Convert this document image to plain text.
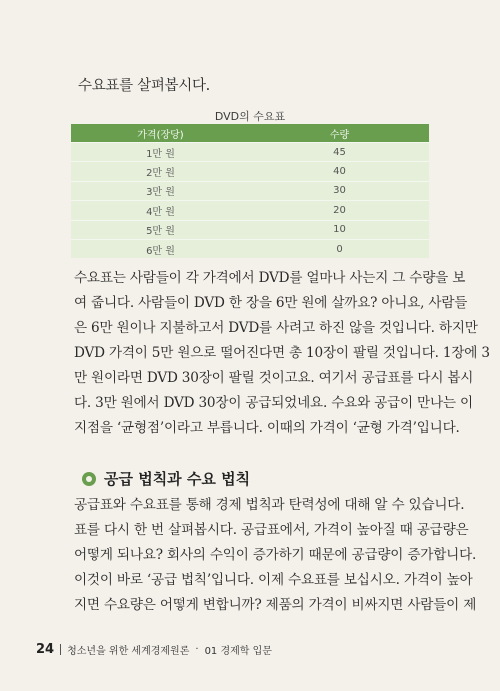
수요표를 살펴봅시다.
DVD의 수요표
가격(장당)	수량
1만 원	45
2만 원	40
3만 원	30
4만 원	20
5만 원	10
6만 원	0
수요표는 사람들이 각 가격에서 DVD를 얼마나 사는지 그 수량을 보
여 줍니다. 사람들이 DVD 한 장을 6만 원에 살까요? 아니요, 사람들
은 6만 원이나 지불하고서 DVD를 사려고 하진 않을 것입니다. 하지만
DVD 가격이 5만 원으로 떨어진다면 총 10장이 팔릴 것입니다. 1장에 3
만 원이라면 DVD 30장이 팔릴 것이고요. 여기서 공급표를 다시 봅시
다. 3만 원에서 DVD 30장이 공급되었네요. 수요와 공급이 만나는 이
지점을 ‘균형점’이라고 부릅니다. 이때의 가격이 ‘균형 가격’입니다.
공급 법칙과 수요 법칙
공급표와 수요표를 통해 경제 법칙과 탄력성에 대해 알 수 있습니다.
표를 다시 한 번 살펴봅시다. 공급표에서, 가격이 높아질 때 공급량은
어떻게 되나요? 회사의 수익이 증가하기 때문에 공급량이 증가합니다.
이것이 바로 ‘공급 법칙’입니다. 이제 수요표를 보십시오. 가격이 높아
지면 수요량은 어떻게 변합니까? 제품의 가격이 비싸지면 사람들이 제
24 청소년을 위한 세계경제원론 · 01 경제학 입문
